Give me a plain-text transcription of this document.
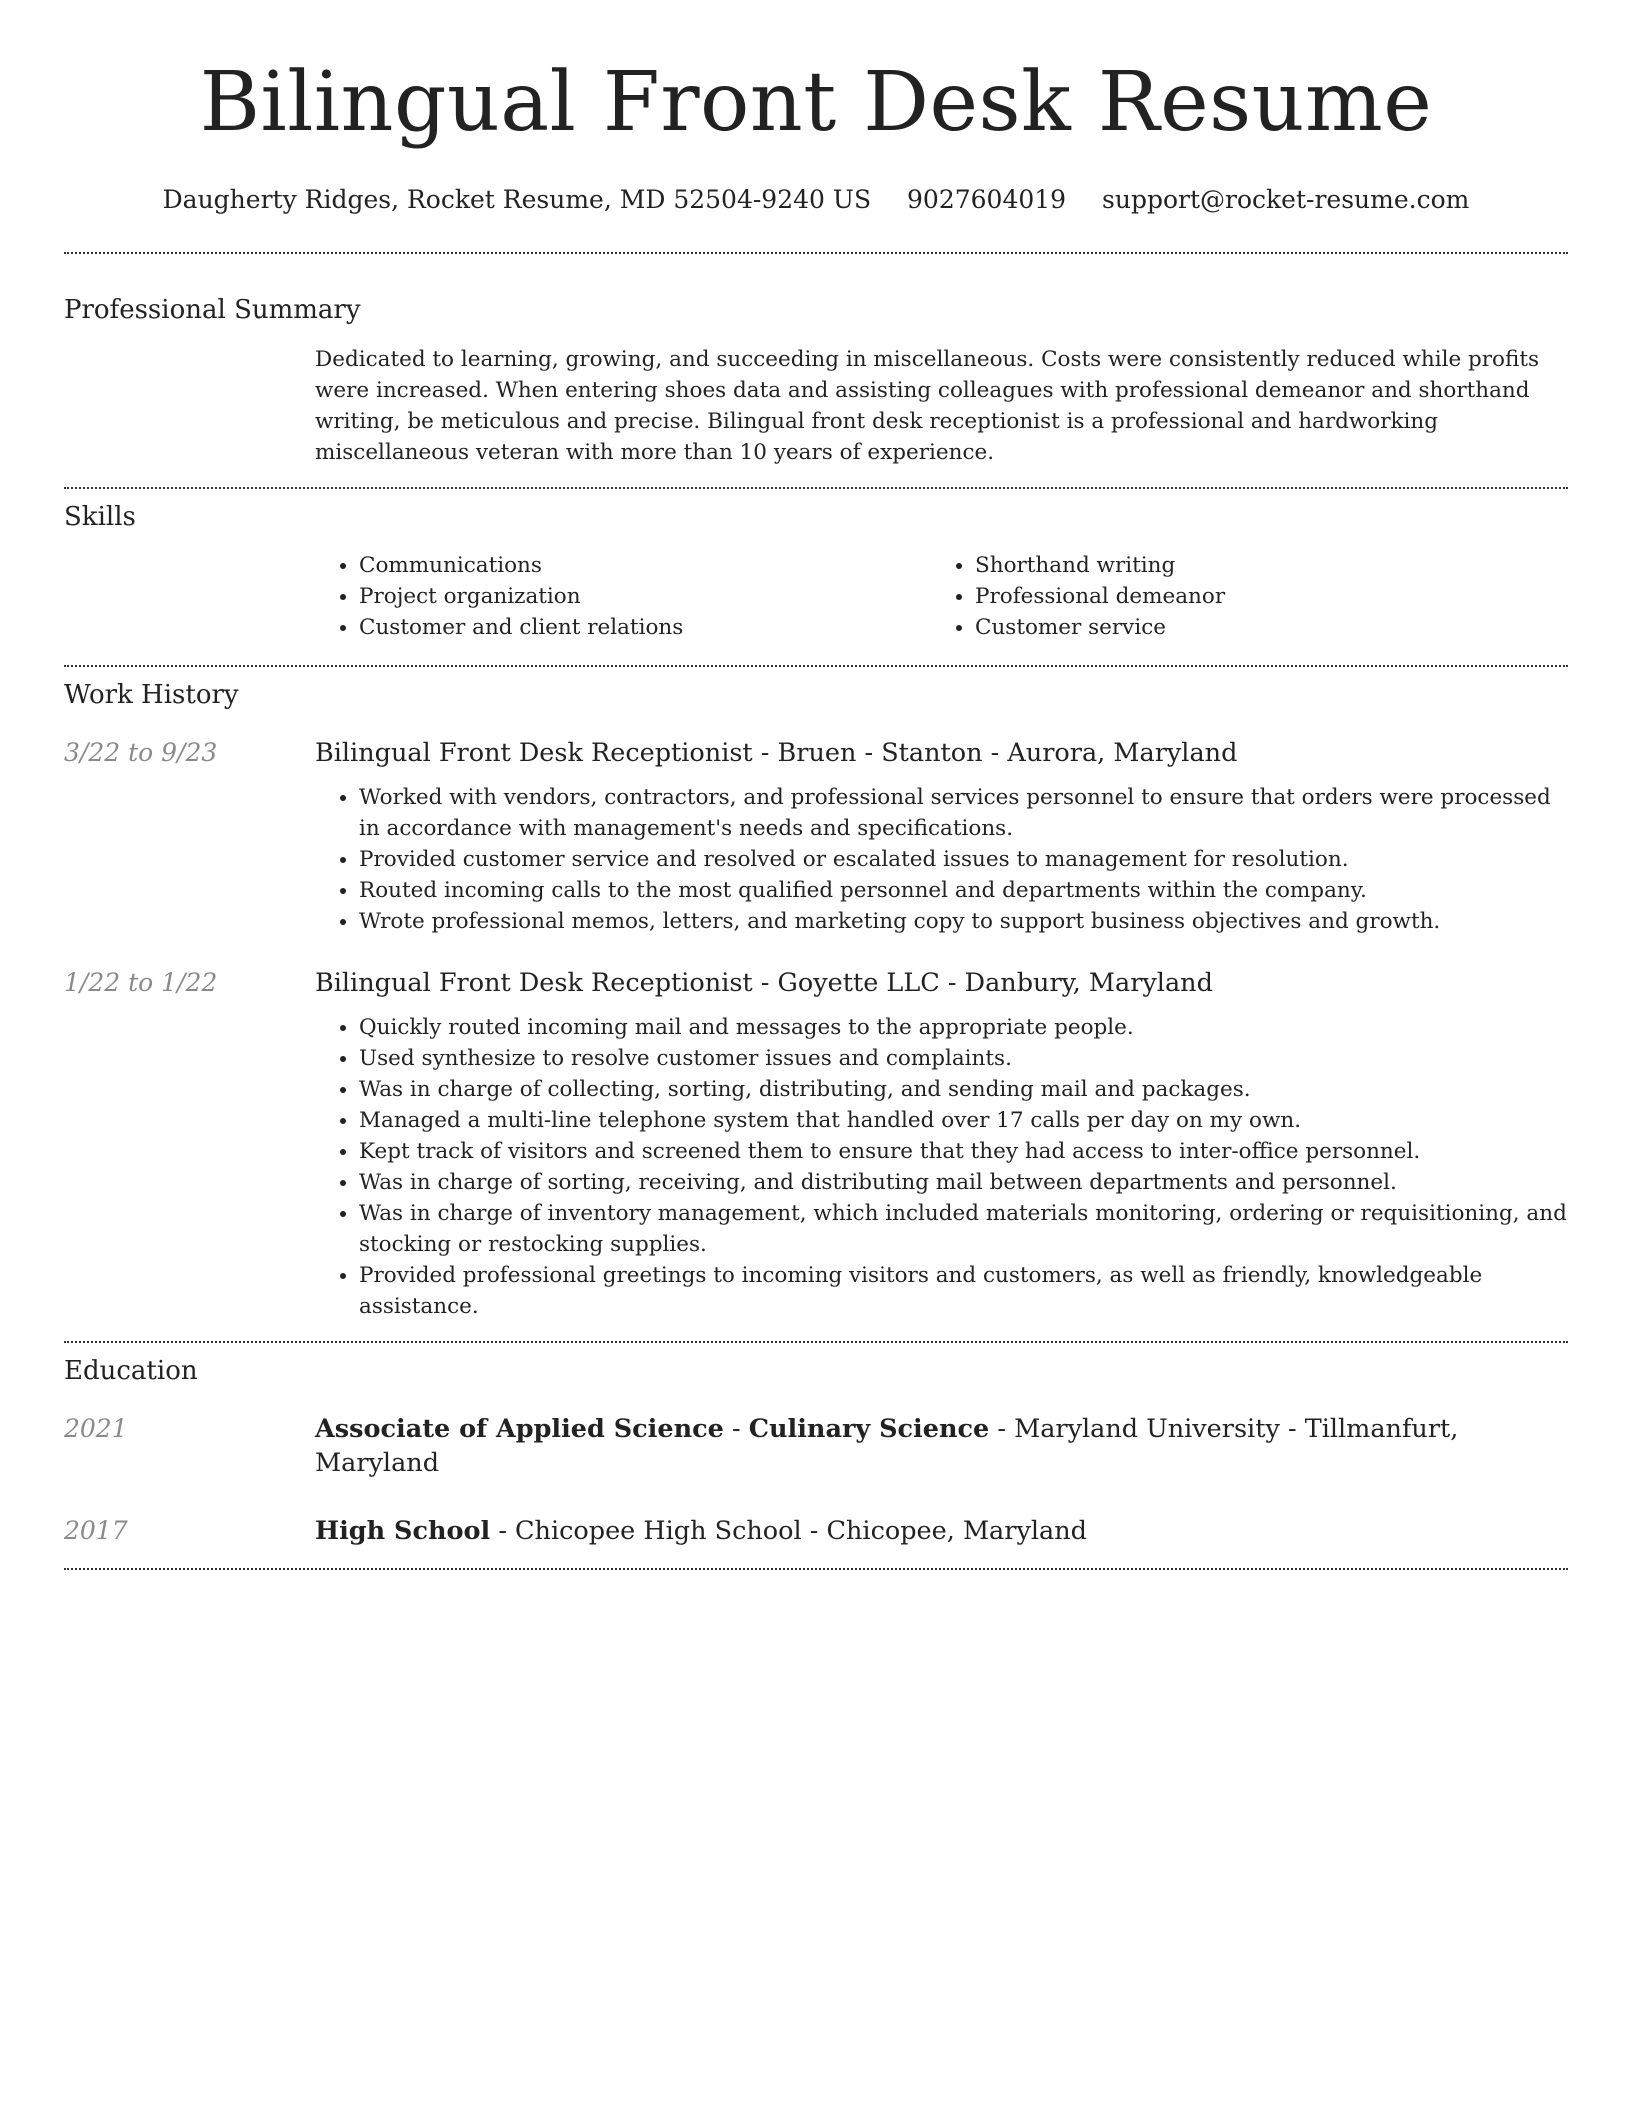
Bilingual Front Desk Resume
Daugherty Ridges, Rocket Resume, MD 52504-9240 US 9027604019 support@rocket-resume.com
Professional Summary

Dedicated to learning, growing, and succeeding in miscellaneous. Costs were consistently reduced while profits were increased. When entering shoes data and assisting colleagues with professional demeanor and shorthand writing, be meticulous and precise. Bilingual front desk receptionist is a professional and hardworking miscellaneous veteran with more than 10 years of experience.

Skills
• Communications
• Project organization
• Customer and client relations
• Shorthand writing
• Professional demeanor
• Customer service
Work History
3/22 to 9/23	Bilingual Front Desk Receptionist - Bruen - Stanton - Aurora, Maryland
• Worked with vendors, contractors, and professional services personnel to ensure that orders were processed in accordance with management's needs and specifications.
• Provided customer service and resolved or escalated issues to management for resolution.
• Routed incoming calls to the most qualified personnel and departments within the company.
• Wrote professional memos, letters, and marketing copy to support business objectives and growth.
1/22 to 1/22	Bilingual Front Desk Receptionist - Goyette LLC - Danbury, Maryland
• Quickly routed incoming mail and messages to the appropriate people.
• Used synthesize to resolve customer issues and complaints.
• Was in charge of collecting, sorting, distributing, and sending mail and packages.
• Managed a multi-line telephone system that handled over 17 calls per day on my own.
• Kept track of visitors and screened them to ensure that they had access to inter-office personnel.
• Was in charge of sorting, receiving, and distributing mail between departments and personnel.
• Was in charge of inventory management, which included materials monitoring, ordering or requisitioning, and stocking or restocking supplies.
• Provided professional greetings to incoming visitors and customers, as well as friendly, knowledgeable assistance.
Education
2021	Associate of Applied Science - Culinary Science - Maryland University - Tillmanfurt, Maryland
2017	High School - Chicopee High School - Chicopee, Maryland
